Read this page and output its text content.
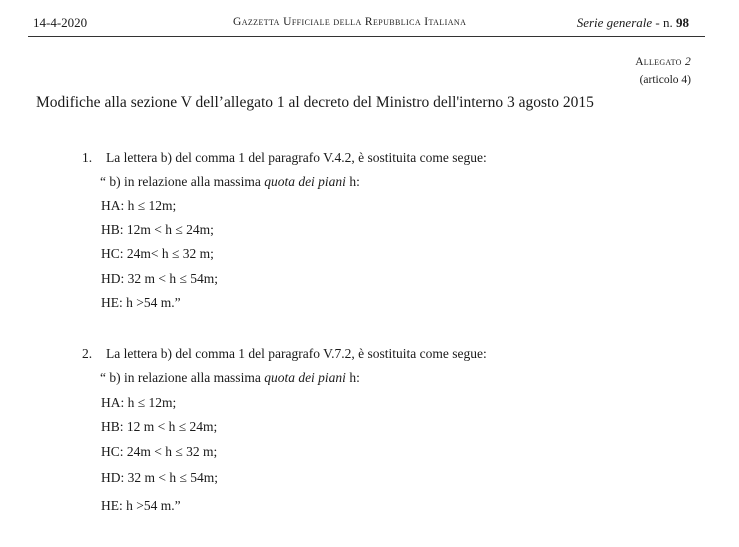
14-4-2020	Gazzetta Ufficiale della Repubblica Italiana	Serie generale - n. 98
Allegato 2
(articolo 4)
Modifiche alla sezione V dell’allegato 1 al decreto del Ministro dell'interno 3 agosto 2015
1. La lettera b) del comma 1 del paragrafo V.4.2, è sostituita come segue:
“ b) in relazione alla massima quota dei piani h:
HA: h ≤ 12m;
HB: 12m < h ≤ 24m;
HC: 24m< h ≤ 32 m;
HD: 32 m < h ≤ 54m;
HE: h >54 m.”
2. La lettera b) del comma 1 del paragrafo V.7.2, è sostituita come segue:
“ b) in relazione alla massima quota dei piani h:
HA: h ≤ 12m;
HB: 12 m < h ≤ 24m;
HC: 24m < h ≤ 32 m;
HD: 32 m < h ≤ 54m;
HE: h >54 m.”
